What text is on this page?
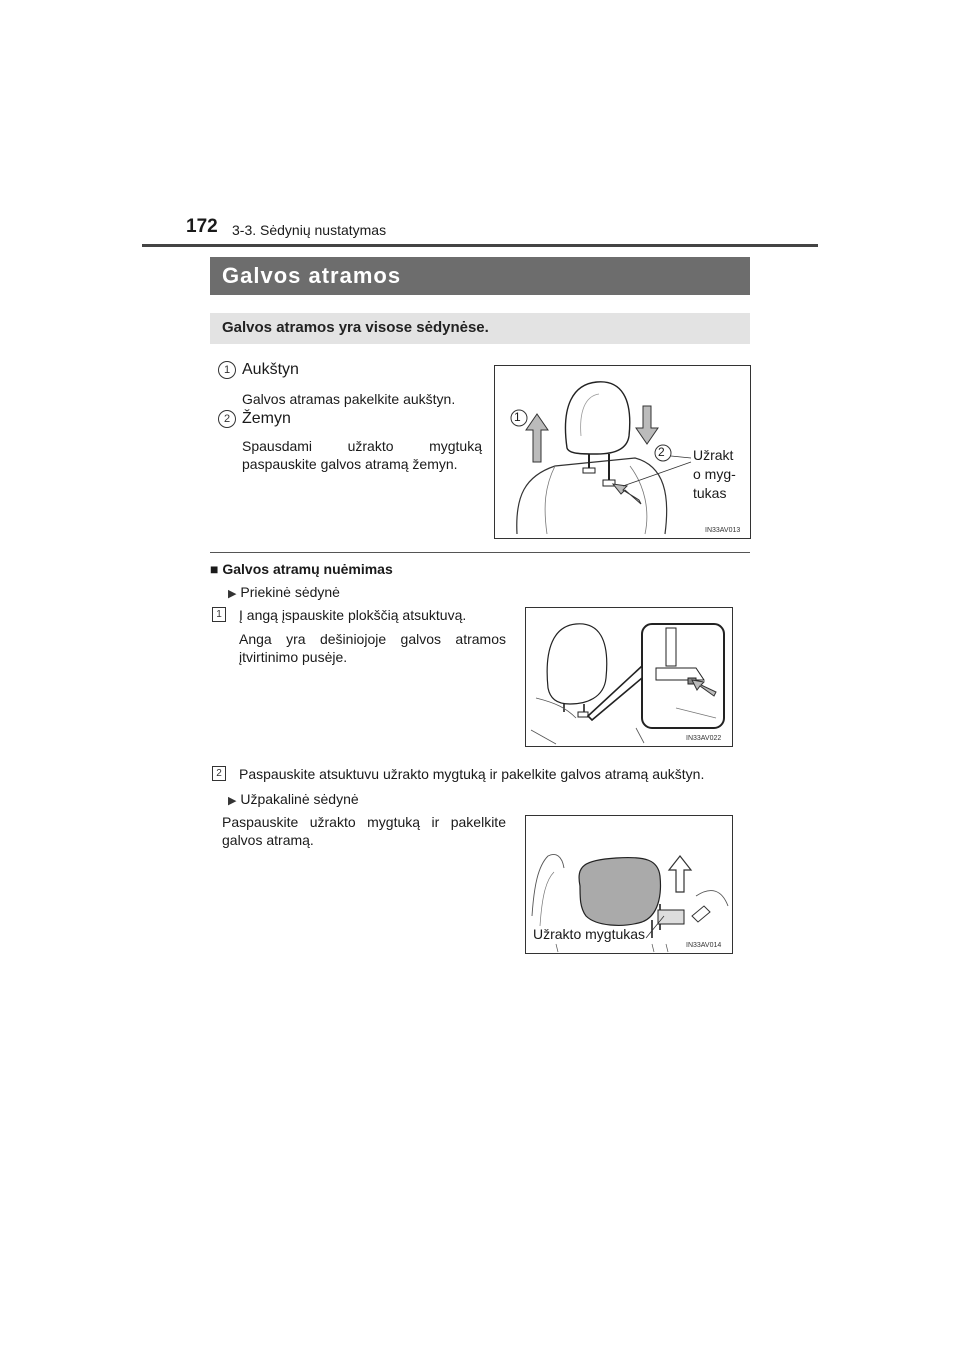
172 3-3. Sėdynių nustatymas
Galvos atramos
Galvos atramos yra visose sėdynėse.
1 Aukštyn
Galvos atramas pakelkite aukštyn.
2 Žemyn
Spausdami užrakto mygtuką paspauskite galvos atramą žemyn.
1
2 Užrakt
o myg-
tukas
IN33AV013
■ Galvos atramų nuėmimas
▶ Priekinė sėdynė
1	Į angą įspauskite plokščią atsuktuvą.
Anga yra dešiniojoje galvos atramos įtvirtinimo pusėje.
IN33AV022
2	Paspauskite atsuktuvu užrakto mygtuką ir pakelkite galvos atramą aukštyn.
▶ Užpakalinė sėdynė
Paspauskite užrakto mygtuką ir pakelkite galvos atramą.
Užrakto mygtukas
IN33AV014
